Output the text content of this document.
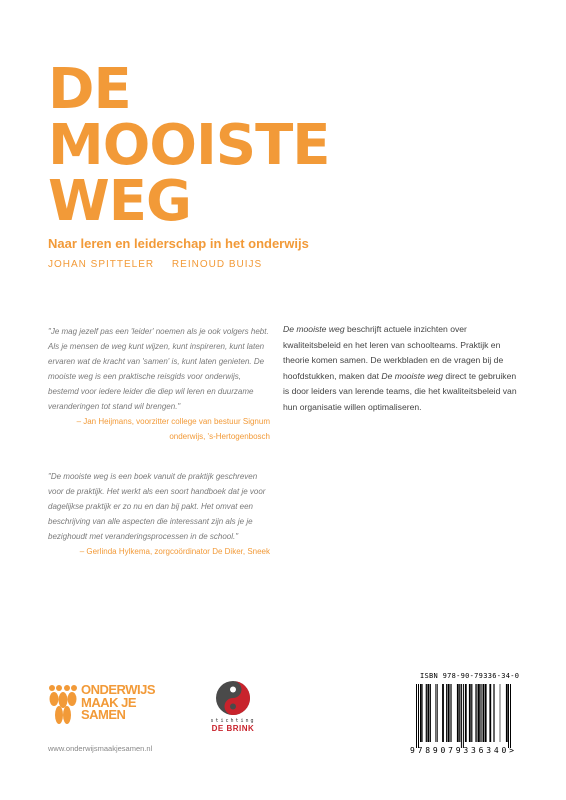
DE
MOOISTE
WEG
Naar leren en leiderschap in het onderwijs
JOHAN SPITTELER REINOUD BUIJS
"Je mag jezelf pas een 'leider' noemen als je ook volgers hebt. Als je mensen de weg kunt wijzen, kunt inspireren, kunt laten ervaren wat de kracht van 'samen' is, kunt laten genieten. De mooiste weg is een praktische reisgids voor onderwijs, bestemd voor iedere leider die diep wil leren en duurzame veranderingen tot stand wil brengen."
– Jan Heijmans, voorzitter college van bestuur Signum
onderwijs, 's-Hertogenbosch
"De mooiste weg is een boek vanuit de praktijk geschreven voor de praktijk. Het werkt als een soort handboek dat je voor dagelijkse praktijk er zo nu en dan bij pakt. Het omvat een beschrijving van alle aspecten die interessant zijn als je je bezighoudt met veranderingsprocessen in de school."
– Gerlinda Hylkema, zorgcoördinator De Diker, Sneek
De mooiste weg beschrijft actuele inzichten over kwaliteitsbeleid en het leren van schoolteams. Praktijk en theorie komen samen. De werkbladen en de vragen bij de hoofdstukken, maken dat De mooiste weg direct te gebruiken is door leiders van lerende teams, die het kwaliteitsbeleid van hun organisatie willen optimaliseren.
ONDERWIJS
MAAK JE
SAMEN	stichting
DE BRINK
www.onderwijsmaakjesamen.nl
ISBN 978-90-79336-34-0
9789079336340>
